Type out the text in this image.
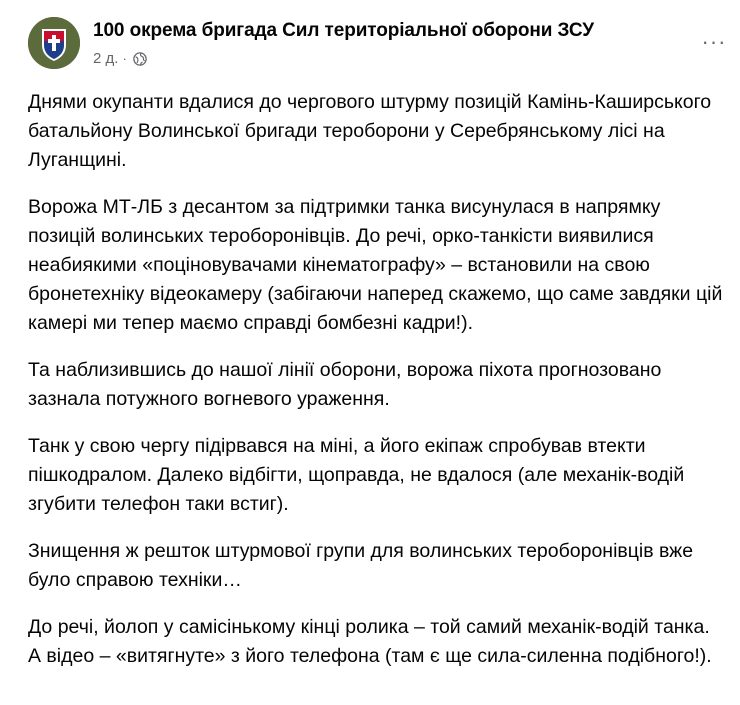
100 окрема бригада Сил територіальної оборони ЗСУ
2 д. ·
···

Днями окупанти вдалися до чергового штурму позицій Камінь-Каширського батальйону Волинської бригади тероборони у Серебрянському лісі на Луганщині.

Ворожа МТ-ЛБ з десантом за підтримки танка висунулася в напрямку позицій волинських тероборонівців. До речі, орко-танкісти виявилися неабиякими «поціновувачами кінематографу» – встановили на свою бронетехніку відеокамеру (забігаючи наперед скажемо, що саме завдяки цій камері ми тепер маємо справді бомбезні кадри!).

Та наблизившись до нашої лінії оборони, ворожа піхота прогнозовано зазнала потужного вогневого ураження.

Танк у свою чергу підірвався на міні, а його екіпаж спробував втекти пішкодралом. Далеко відбігти, щоправда, не вдалося (але механік-водій згубити телефон таки встиг).

Знищення ж решток штурмової групи для волинських тероборонівців вже було справою техніки…

До речі, йолоп у самісінькому кінці ролика – той самий механік-водій танка. А відео – «витягнуте» з його телефона (там є ще сила-силенна подібного!).
